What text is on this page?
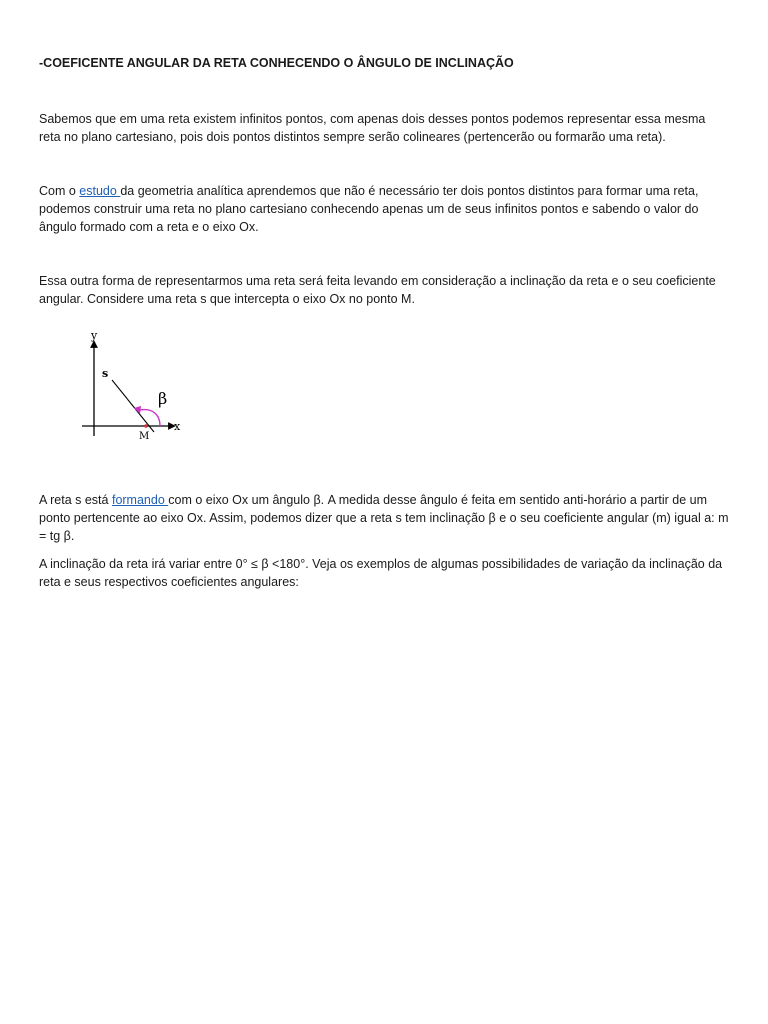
-COEFICENTE ANGULAR DA RETA CONHECENDO O ÂNGULO DE INCLINAÇÃO

Sabemos que em uma reta existem infinitos pontos, com apenas dois desses pontos podemos representar essa mesma reta no plano cartesiano, pois dois pontos distintos sempre serão colineares (pertencerão ou formarão uma reta).

Com o estudo da geometria analítica aprendemos que não é necessário ter dois pontos distintos para formar uma reta, podemos construir uma reta no plano cartesiano conhecendo apenas um de seus infinitos pontos e sabendo o valor do ângulo formado com a reta e o eixo Ox.

Essa outra forma de representarmos uma reta será feita levando em consideração a inclinação da reta e o seu coeficiente angular. Considere uma reta s que intercepta o eixo Ox no ponto M.

A reta s está formando com o eixo Ox um ângulo β. A medida desse ângulo é feita em sentido anti-horário a partir de um ponto pertencente ao eixo Ox. Assim, podemos dizer que a reta s tem inclinação β e o seu coeficiente angular (m) igual a: m = tg β.

A inclinação da reta irá variar entre 0° ≤ β <180°. Veja os exemplos de algumas possibilidades de variação da inclinação da reta e seus respectivos coeficientes angulares:

y
x
s
M
β
